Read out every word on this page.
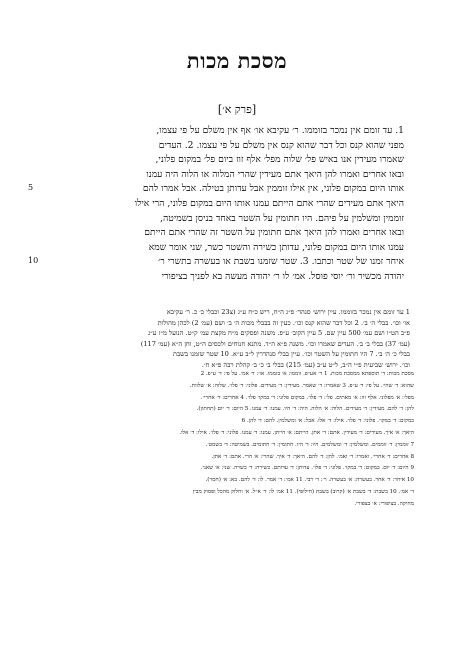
מסכת מכות
[פרק א׳]
1. עד זומם אין נמכר בזוממו. ר׳ עקיבא או׳ אף אין משלם על פי עצמו,
מפני שהוא קנס וכל דבר שהוא קנס אין משלם על פי עצמו. 2. העדים
שאמרו מעידין אנו באיש פל׳ שלוה מפל׳ אלף זוז ביום פל׳ במקום פלוני,
ובאו אחרים ואמרו להן היאך אתם מעידין שהרי המלוה או הלוה היה עמנו
אותו היום במקום פלוני, אין אילו זוממין אבל עדותן בטילה. אבל אמרו להם
היאך אתם מעידים שהרי אתם הייתם עמנו אותו היום במקום פלוני, הרי אילו
זוממין ומשלמין על פיהם. היו חתומין על השטר באחד בניסן בשמיטה,
ובאו אחרים ואמרו להן היאך אתם חתומין על השטר זה שהרי אתם הייתם
עמנו אותו היום במקום פלוני, עדותן כשירה והשטר כשר, שני אומר שמא
איחר זמנו של שטר וכתבו. 3. שטר שזמנו בשבת או בעשרה בתשרי ר׳
יהודה מכשיר ור׳ יוסי פוסל. אמ׳ לו ר׳ יהודה מעשה בא לפניך בציפורי
5
10
1 עד זומם אין נמכר בזוממו. עיין ירוש׳ סנהד׳ פ״ג ה״ח, ריש כ״ח ע״ג (צ23 וכבלי כ׳ כ. ר׳ עקיבא
או׳ וכו׳. בבלי ה׳ ב׳. 2 וכל דבר שהוא קנס וכו׳. כעין זה בבבלי מכות ה׳ ב׳ ושם (עמ׳ 2) לכהן מהולות
פ״ב הט״ו ושם עמ׳ 500 עיין שם. 5 עיין הקוב׳ ע״פ. משנה ופסקים מ״ח מקצת עמ׳ ק״ט. הנועל מ״ז ע״ג
(עמ׳ 37) בבלי ב׳ ב׳. העדים שאמרו וכו׳. משנה פ״א ה״ד. מתנא חנוחים ולכסים ה״ט, וחן ה״א (עמ׳ 117)
בבלי כ׳ ה׳ ב׳. 7 היו חתומין על השטר וכו׳. עיין בבלי סנהדרין ל״ב ע״א. 10 שטר שזמנו בשבת
וכו׳. ירוש׳ שביעית פ״י ה״ב, ל״ט ע״ב (עמ׳ 215) בבלי ב׳ כ׳ ב׳ קהלת רבה פ״א ח׳.
מסכת מכות: ד׳ תוספתא ממסכת מכות. 1 ד׳ אע״פ. זוממו: א׳ בזממו. או׳: ד׳ אמ׳. על פי: ד׳ ע״פ. 2
שהוא: ד׳ שהי׳. על פי: ד׳ ע״פ. 3 שאמרו: ד׳ שאמר. מעידין: ד׳ מעידים. פלוני: ד׳ פלו׳. שלוה: א׳ שלוות.
מפל׳: א׳ מפלוני. אלף זוז: א׳ מאתים. פל׳: ד׳ פלו׳. במקום פלוני: ד׳ במקו׳ פלו׳. 4 אחרים: ד׳ אחרי׳.
להן: ד׳ להם. מעידין: ד׳ מעידים. הלוה: א׳ הלוה. היה: ד׳ היו. עמנו: ד׳ עמנו. 5 היום: ד׳ יום (תחתון).
במקום: ד׳ במקו׳. פלוני: ד׳ פלו׳. אילו: ד׳ אלו. אבל: א׳ ומשלמין. להם: ד׳ להן. 6
היאך: א׳ איך. מעידים: ד׳ מעידין. אתם: ד׳ אתן. הייתם: א׳ הייתן. עמנו: ד׳ עמנו. פלוני: ד׳ פלו׳. אילו: ד׳ אלו.
7 זוממין: ד׳ זוממים. ומשלמין: ד׳ ומשלמים. היו: ד׳ היו. חתומין: ד׳ חתומים. בשמיטה: ד׳ בשמט׳.
8 אחרים: ד׳ אחרי׳. ואמרו: ד׳ ואמ׳. להן: ד׳ להם. היאך: ד׳ איך. שהרי: א׳ הרי. אתם: ד׳ אתן.
9 היום: ד׳ יום. במקום: ד׳ במקו׳. פלוני: ד׳ פלו׳. עדותן: ד׳ עדותם. כשירה: ד׳ כשרה. שני: א׳ שאני.
10 איחר: ד׳ אחר. בעשרה: א׳ בעשרה. ר׳: ד׳ רבי. 11 אמ׳: ד׳ אמר. לו: ד׳ להם. בא: א׳ (חסר).
ד׳ אמ׳. 10 בשבת: ד׳ בשבת א׳ (קרוב) בשבת (חילופי). 11 אמ׳ לו: ד׳ א״ל. א׳ וחלוק מהכל ופסוק מבין
מחיקה. בציפורי: א׳ בצפורי.
